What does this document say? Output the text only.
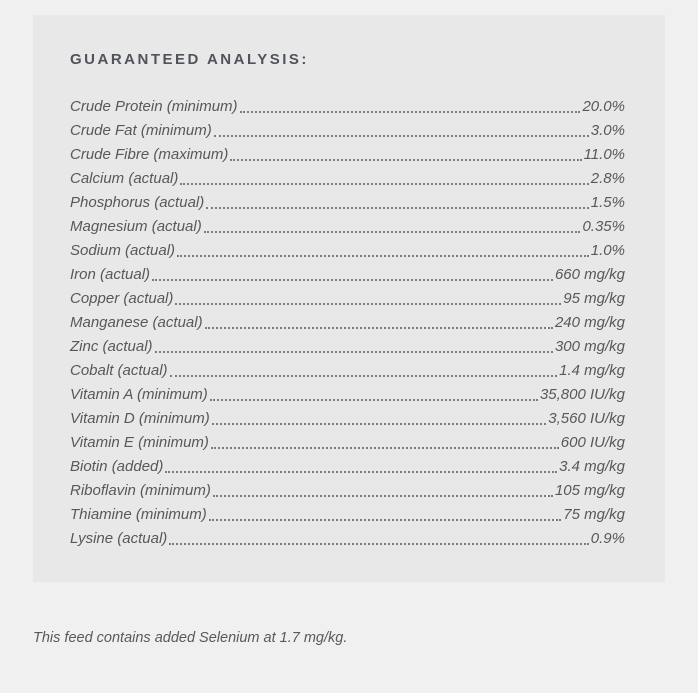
GUARANTEED ANALYSIS:
Crude Protein (minimum)	20.0%
Crude Fat (minimum)	3.0%
Crude Fibre (maximum)	11.0%
Calcium (actual)	2.8%
Phosphorus (actual)	1.5%
Magnesium (actual)	0.35%
Sodium (actual)	1.0%
Iron (actual)	660 mg/kg
Copper (actual)	95 mg/kg
Manganese (actual)	240 mg/kg
Zinc (actual)	300 mg/kg
Cobalt (actual)	1.4 mg/kg
Vitamin A (minimum)	35,800 IU/kg
Vitamin D (minimum)	3,560 IU/kg
Vitamin E (minimum)	600 IU/kg
Biotin (added)	3.4 mg/kg
Riboflavin (minimum)	105 mg/kg
Thiamine (minimum)	75 mg/kg
Lysine (actual)	0.9%

This feed contains added Selenium at 1.7 mg/kg.
